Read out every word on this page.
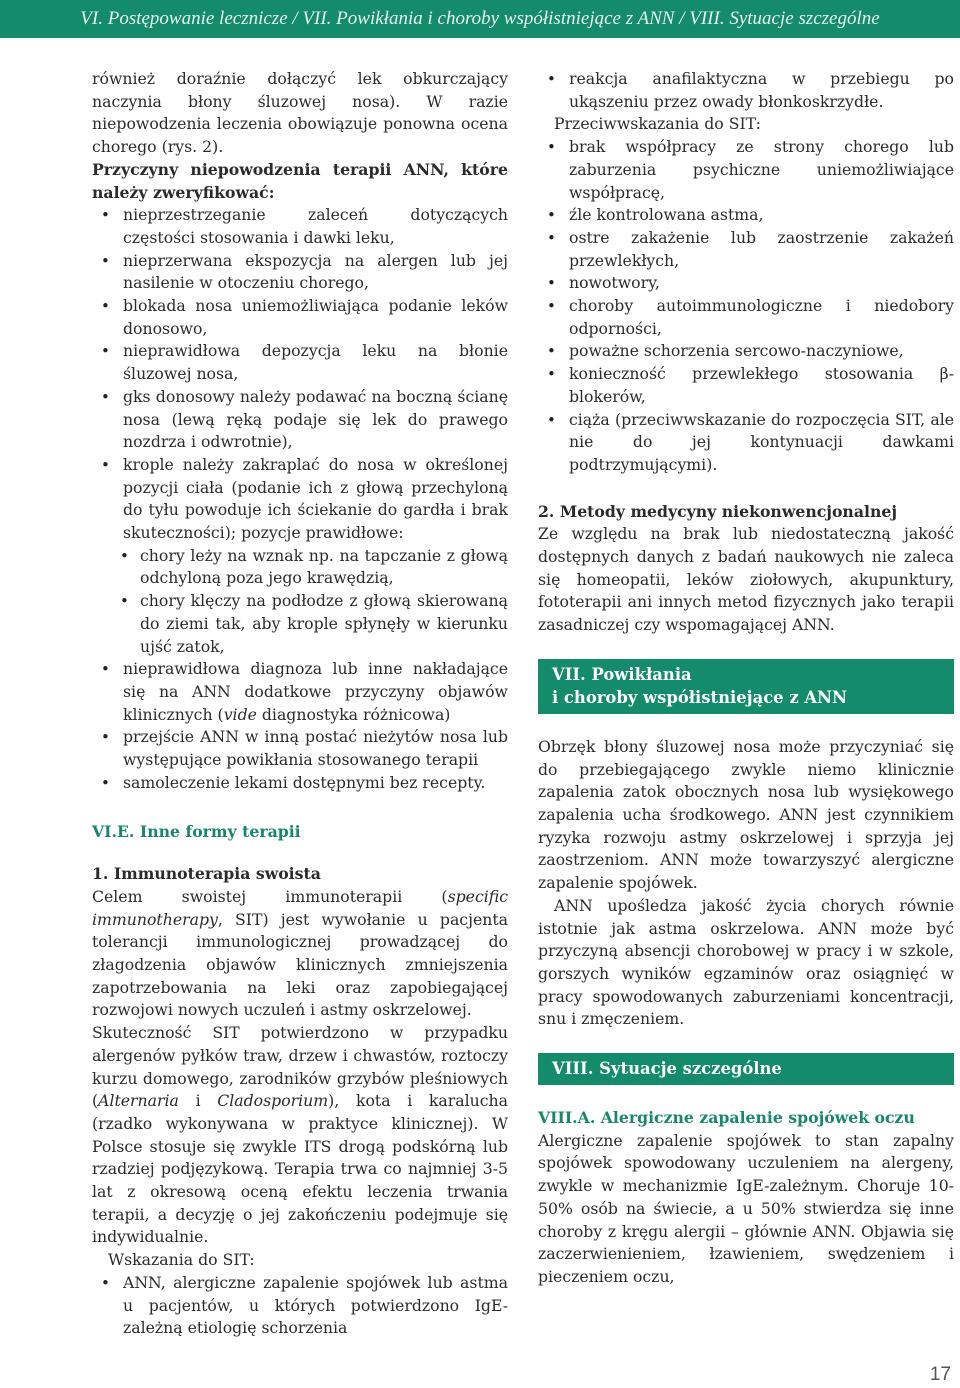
VI. Postępowanie lecznicze / VII. Powikłania i choroby współistniejące z ANN / VIII. Sytuacje szczególne

również doraźnie dołączyć lek obkurczający naczynia błony śluzowej nosa). W razie niepowodzenia leczenia obowiązuje ponowna ocena chorego (rys. 2).

Przyczyny niepowodzenia terapii ANN, które należy zweryfikować:

• nieprzestrzeganie zaleceń dotyczących częstości stosowania i dawki leku,
• nieprzerwana ekspozycja na alergen lub jej nasilenie w otoczeniu chorego,
• blokada nosa uniemożliwiająca podanie leków donosowo,
• nieprawidłowa depozycja leku na błonie śluzowej nosa,
• gks donosowy należy podawać na boczną ścianę nosa (lewą ręką podaje się lek do prawego nozdrza i odwrotnie),
• krople należy zakraplać do nosa w określonej pozycji ciała (podanie ich z głową przechyloną do tyłu powoduje ich ściekanie do gardła i brak skuteczności); pozycje prawidłowe:
• chory leży na wznak np. na tapczanie z głową odchyloną poza jego krawędzią,
• chory klęczy na podłodze z głową skierowaną do ziemi tak, aby krople spłynęły w kierunku ujść zatok,
• nieprawidłowa diagnoza lub inne nakładające się na ANN dodatkowe przyczyny objawów klinicznych (vide diagnostyka różnicowa)
• przejście ANN w inną postać nieżytów nosa lub występujące powikłania stosowanego terapii
• samoleczenie lekami dostępnymi bez recepty.

VI.E. Inne formy terapii

1. Immunoterapia swoista

Celem swoistej immunoterapii (specific immunotherapy, SIT) jest wywołanie u pacjenta tolerancji immunologicznej prowadzącej do złagodzenia objawów klinicznych zmniejszenia zapotrzebowania na leki oraz zapobiegającej rozwojowi nowych uczuleń i astmy oskrzelowej.

Skuteczność SIT potwierdzono w przypadku alergenów pyłków traw, drzew i chwastów, roztoczy kurzu domowego, zarodników grzybów pleśniowych (Alternaria i Cladosporium), kota i karalucha (rzadko wykonywana w praktyce klinicznej). W Polsce stosuje się zwykle ITS drogą podskórną lub rzadziej podjęzykową. Terapia trwa co najmniej 3-5 lat z okresową oceną efektu leczenia trwania terapii, a decyzję o jej zakończeniu podejmuje się indywidualnie.

Wskazania do SIT:

• ANN, alergiczne zapalenie spojówek lub astma u pacjentów, u których potwierdzono IgE-zależną etiologię schorzenia
• reakcja anafilaktyczna w przebiegu po ukąszeniu przez owady błonkoskrzydłe.

Przeciwwskazania do SIT:

• brak współpracy ze strony chorego lub zaburzenia psychiczne uniemożliwiające współpracę,
• źle kontrolowana astma,
• ostre zakażenie lub zaostrzenie zakażeń przewlekłych,
• nowotwory,
• choroby autoimmunologiczne i niedobory odporności,
• poważne schorzenia sercowo-naczyniowe,
• konieczność przewlekłego stosowania β-blokerów,
• ciąża (przeciwwskazanie do rozpoczęcia SIT, ale nie do jej kontynuacji dawkami podtrzymującymi).

2. Metody medycyny niekonwencjonalnej

Ze względu na brak lub niedostateczną jakość dostępnych danych z badań naukowych nie zaleca się homeopatii, leków ziołowych, akupunktury, fototerapii ani innych metod fizycznych jako terapii zasadniczej czy wspomagającej ANN.

VII. Powikłania
i choroby współistniejące z ANN

Obrzęk błony śluzowej nosa może przyczyniać się do przebiegającego zwykle niemo klinicznie zapalenia zatok obocznych nosa lub wysiękowego zapalenia ucha środkowego. ANN jest czynnikiem ryzyka rozwoju astmy oskrzelowej i sprzyja jej zaostrzeniom. ANN może towarzyszyć alergiczne zapalenie spojówek.

ANN upośledza jakość życia chorych równie istotnie jak astma oskrzelowa. ANN może być przyczyną absencji chorobowej w pracy i w szkole, gorszych wyników egzaminów oraz osiągnięć w pracy spowodowanych zaburzeniami koncentracji, snu i zmęczeniem.

VIII. Sytuacje szczególne

VIII.A. Alergiczne zapalenie spojówek oczu

Alergiczne zapalenie spojówek to stan zapalny spojówek spowodowany uczuleniem na alergeny, zwykle w mechanizmie IgE-zależnym. Choruje 10-50% osób na świecie, a u 50% stwierdza się inne choroby z kręgu alergii – głównie ANN. Objawia się zaczerwienieniem, łzawieniem, swędzeniem i pieczeniem oczu,

17
